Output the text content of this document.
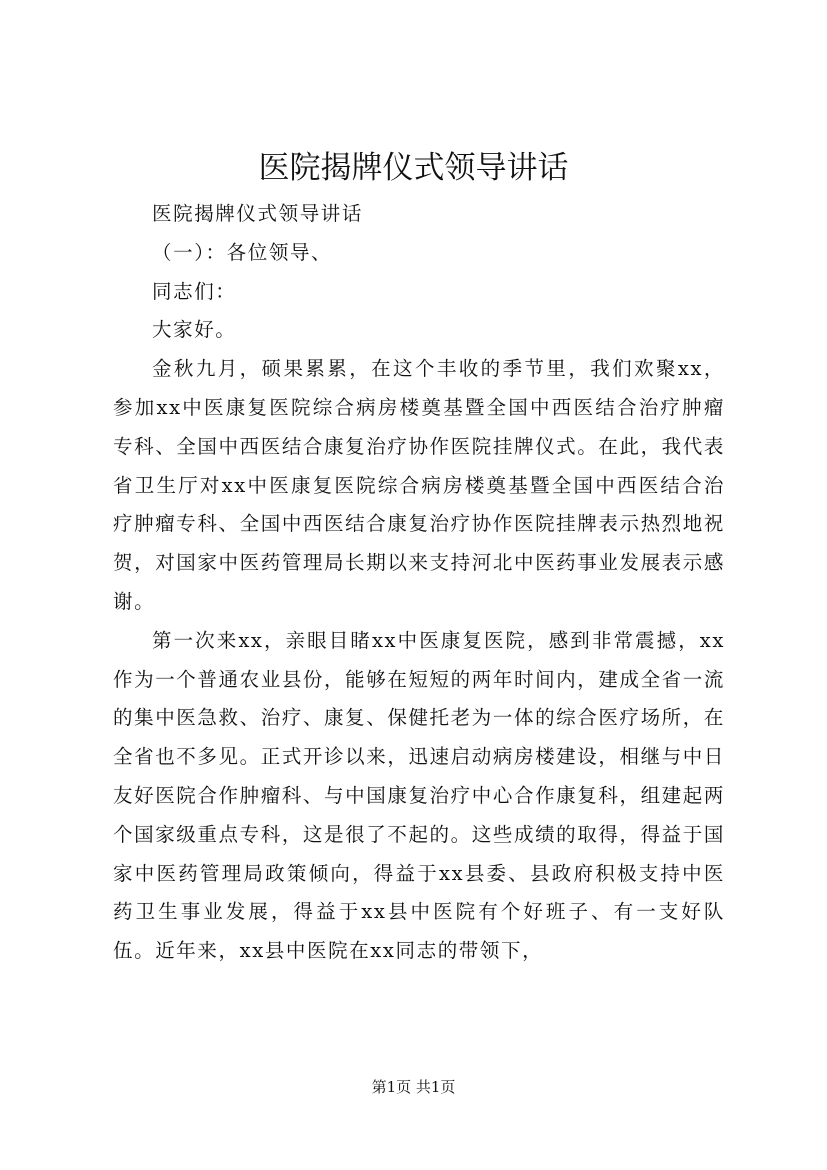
医院揭牌仪式领导讲话

医院揭牌仪式领导讲话

（一）：各位领导、

同志们：

大家好。

金秋九月，硕果累累，在这个丰收的季节里，我们欢聚xx，参加xx中医康复医院综合病房楼奠基暨全国中西医结合治疗肿瘤专科、全国中西医结合康复治疗协作医院挂牌仪式。在此，我代表省卫生厅对xx中医康复医院综合病房楼奠基暨全国中西医结合治疗肿瘤专科、全国中西医结合康复治疗协作医院挂牌表示热烈地祝贺，对国家中医药管理局长期以来支持河北中医药事业发展表示感谢。

第一次来xx，亲眼目睹xx中医康复医院，感到非常震撼，xx作为一个普通农业县份，能够在短短的两年时间内，建成全省一流的集中医急救、治疗、康复、保健托老为一体的综合医疗场所，在全省也不多见。正式开诊以来，迅速启动病房楼建设，相继与中日友好医院合作肿瘤科、与中国康复治疗中心合作康复科，组建起两个国家级重点专科，这是很了不起的。这些成绩的取得，得益于国家中医药管理局政策倾向，得益于xx县委、县政府积极支持中医药卫生事业发展，得益于xx县中医院有个好班子、有一支好队伍。近年来，xx县中医院在xx同志的带领下，

第1页 共1页
